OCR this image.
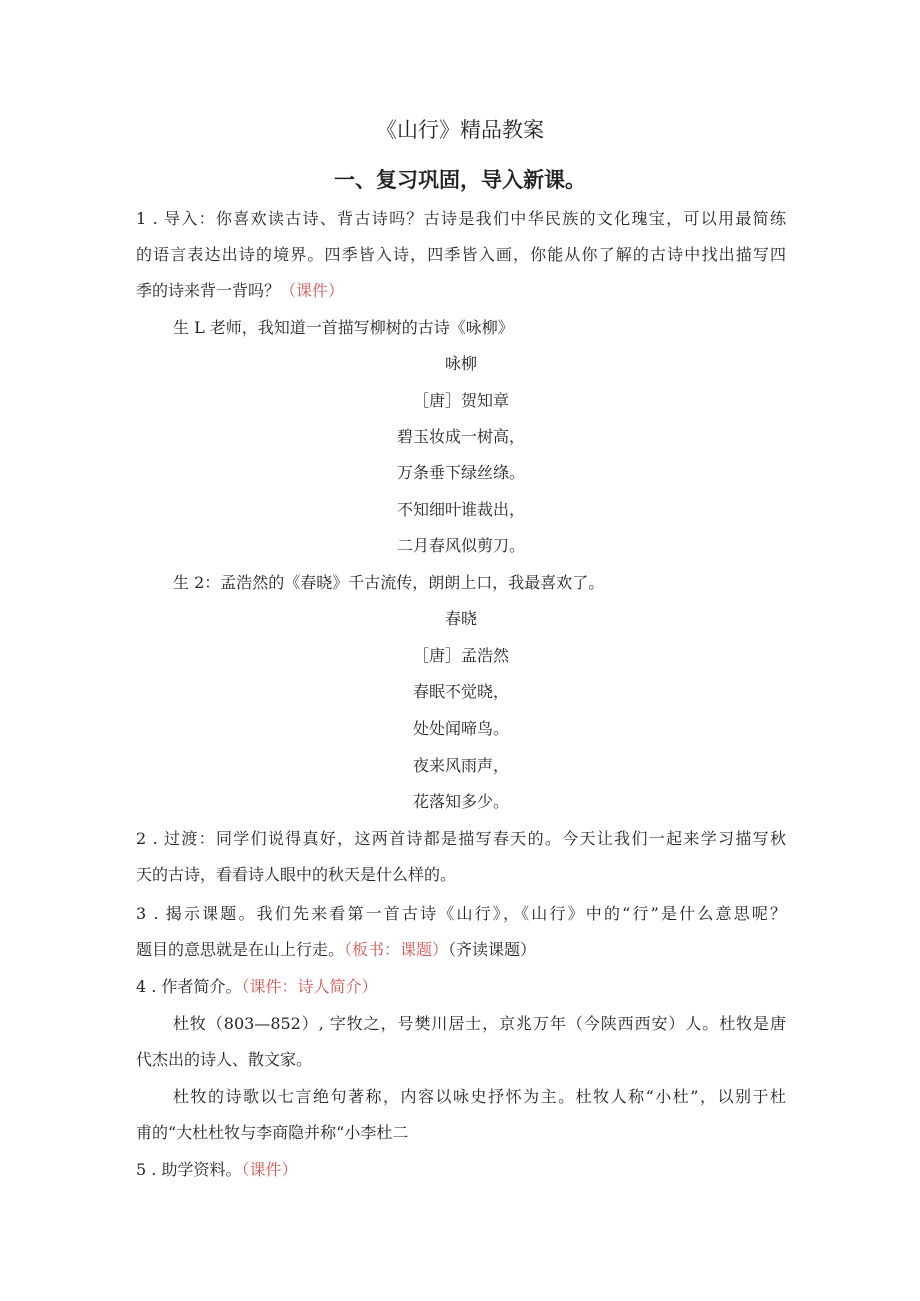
《山行》精品教案
一、复习巩固，导入新课。
1 . 导入：你喜欢读古诗、背古诗吗？古诗是我们中华民族的文化瑰宝，可以用最简练
的语言表达出诗的境界。四季皆入诗，四季皆入画，你能从你了解的古诗中找出描写四
季的诗来背一背吗？（课件）
生 L 老师，我知道一首描写柳树的古诗《咏柳》
咏柳
［唐］贺知章
碧玉妆成一树高，
万条垂下绿丝绦。
不知细叶谁裁出，
二月春风似剪刀。
生 2：孟浩然的《春晓》千古流传，朗朗上口，我最喜欢了。
春晓
［唐］孟浩然
春眠不觉晓，
处处闻啼鸟。
夜来风雨声，
花落知多少。
2 . 过渡：同学们说得真好，这两首诗都是描写春天的。今天让我们一起来学习描写秋
天的古诗，看看诗人眼中的秋天是什么样的。
3 . 揭示课题。我们先来看第一首古诗《山行》，《山行》中的“行”是什么意思呢？
题目的意思就是在山上行走。（板书：课题）（齐读课题）
4 . 作者简介。（课件：诗人简介）
杜牧（803—852）, 字牧之，号樊川居士，京兆万年（今陕西西安）人。杜牧是唐
代杰出的诗人、散文家。
杜牧的诗歌以七言绝句著称，内容以咏史抒怀为主。杜牧人称“小杜”，以别于杜
甫的“大杜杜牧与李商隐并称“小李杜二
5 . 助学资料。（课件）
